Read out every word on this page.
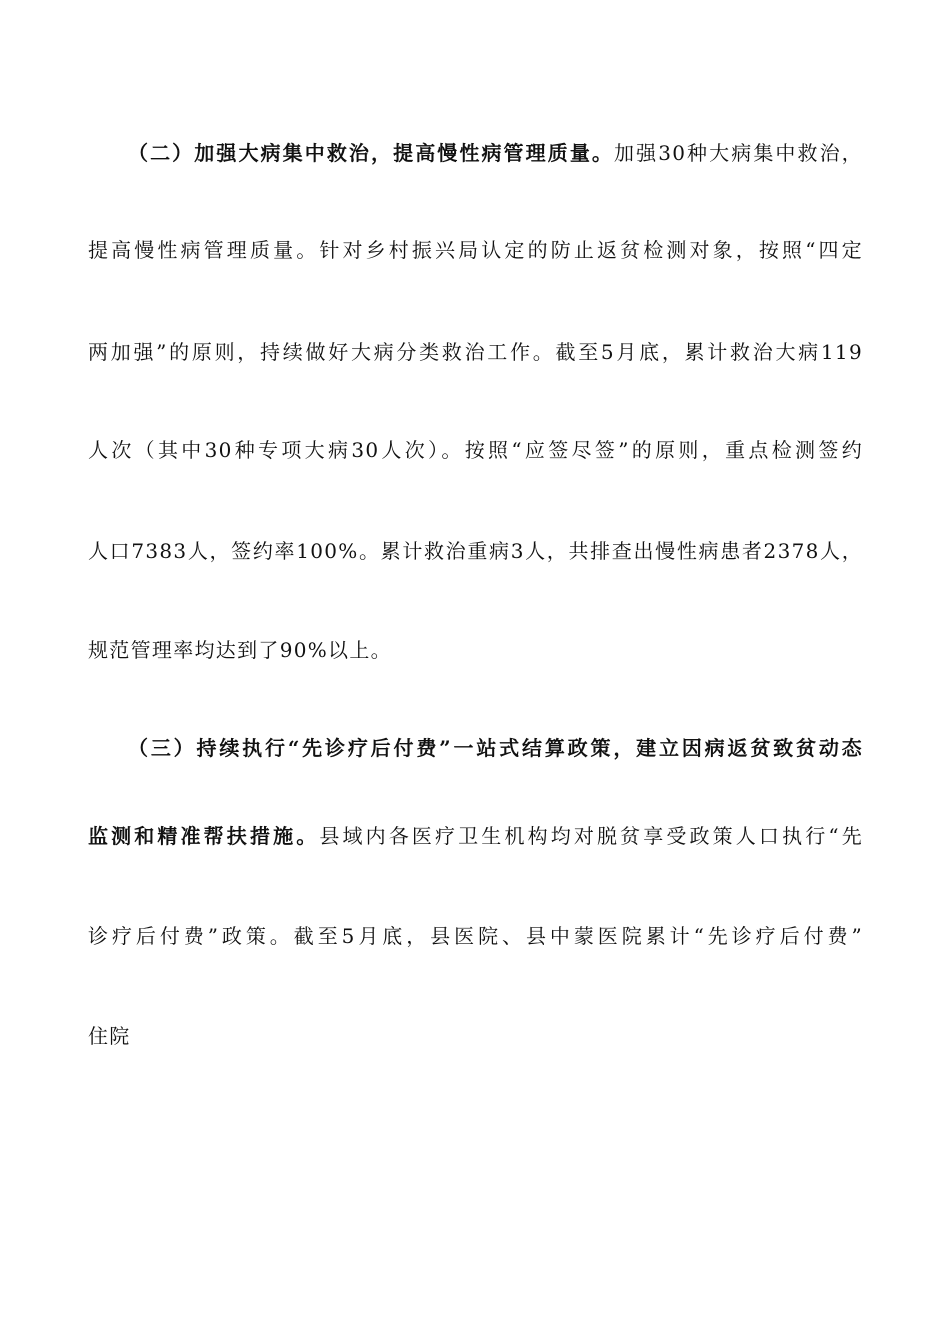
（二）加强大病集中救治，提高慢性病管理质量。加强30种大病集中救治，
提高慢性病管理质量。针对乡村振兴局认定的防止返贫检测对象，按照“四定
两加强”的原则，持续做好大病分类救治工作。截至5月底，累计救治大病119
人次（其中30种专项大病30人次）。按照“应签尽签”的原则，重点检测签约
人口7383人，签约率100%。累计救治重病3人，共排查出慢性病患者2378人，
规范管理率均达到了90%以上。
（三）持续执行“先诊疗后付费”一站式结算政策，建立因病返贫致贫动态
监测和精准帮扶措施。县域内各医疗卫生机构均对脱贫享受政策人口执行“先
诊疗后付费”政策。截至5月底，县医院、县中蒙医院累计“先诊疗后付费”
住院
